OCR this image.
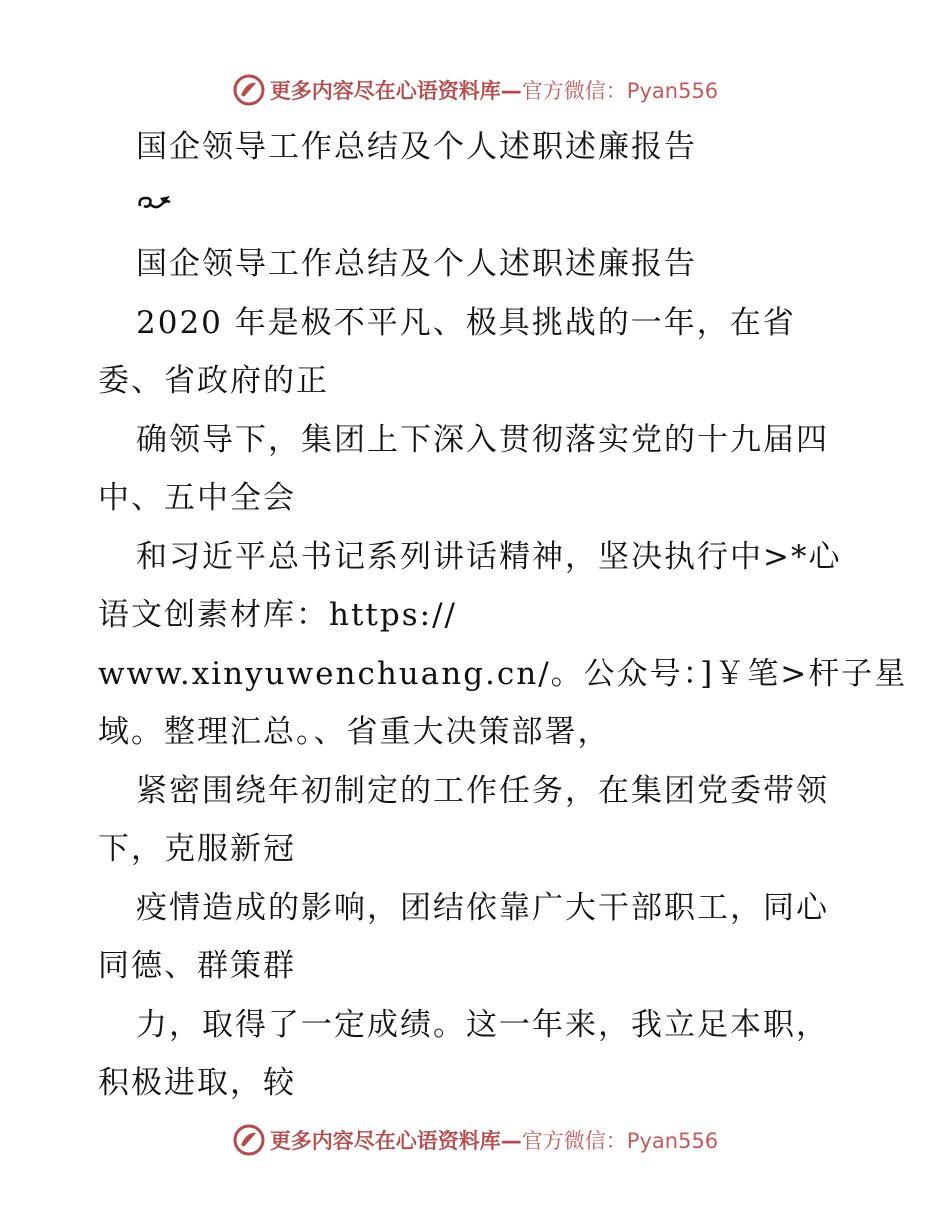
更多内容尽在心语资料库—官方微信：Pyan556
国企领导工作总结及个人述职述廉报告
国企领导工作总结及个人述职述廉报告
2020 年是极不平凡、极具挑战的一年，在省
委、省政府的正
确领导下，集团上下深入贯彻落实党的十九届四
中、五中全会
和习近平总书记系列讲话精神，坚决执行中>*心
语文创素材库：https://
www.xinyuwenchuang.cn/。公众号：]￥笔>杆子星
域。整理汇总。、省重大决策部署，
紧密围绕年初制定的工作任务，在集团党委带领
下，克服新冠
疫情造成的影响，团结依靠广大干部职工，同心
同德、群策群
力，取得了一定成绩。这一年来，我立足本职，
积极进取，较
更多内容尽在心语资料库—官方微信：Pyan556
